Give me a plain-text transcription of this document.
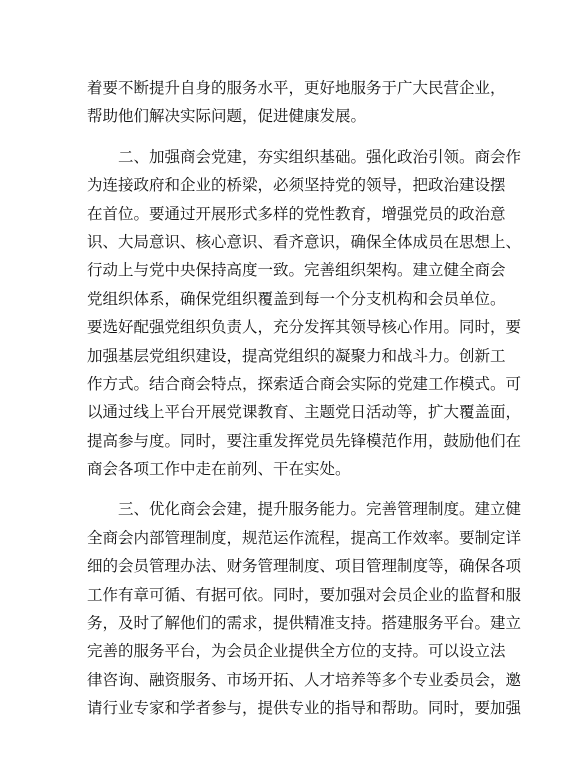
着要不断提升自身的服务水平，更好地服务于广大民营企业，
帮助他们解决实际问题，促进健康发展。
　　二、加强商会党建，夯实组织基础。强化政治引领。商会作
为连接政府和企业的桥梁，必须坚持党的领导，把政治建设摆
在首位。要通过开展形式多样的党性教育，增强党员的政治意
识、大局意识、核心意识、看齐意识，确保全体成员在思想上、
行动上与党中央保持高度一致。完善组织架构。建立健全商会
党组织体系，确保党组织覆盖到每一个分支机构和会员单位。
要选好配强党组织负责人，充分发挥其领导核心作用。同时，要
加强基层党组织建设，提高党组织的凝聚力和战斗力。创新工
作方式。结合商会特点，探索适合商会实际的党建工作模式。可
以通过线上平台开展党课教育、主题党日活动等，扩大覆盖面，
提高参与度。同时，要注重发挥党员先锋模范作用，鼓励他们在
商会各项工作中走在前列、干在实处。
　　三、优化商会会建，提升服务能力。完善管理制度。建立健
全商会内部管理制度，规范运作流程，提高工作效率。要制定详
细的会员管理办法、财务管理制度、项目管理制度等，确保各项
工作有章可循、有据可依。同时，要加强对会员企业的监督和服
务，及时了解他们的需求，提供精准支持。搭建服务平台。建立
完善的服务平台，为会员企业提供全方位的支持。可以设立法
律咨询、融资服务、市场开拓、人才培养等多个专业委员会，邀
请行业专家和学者参与，提供专业的指导和帮助。同时，要加强
